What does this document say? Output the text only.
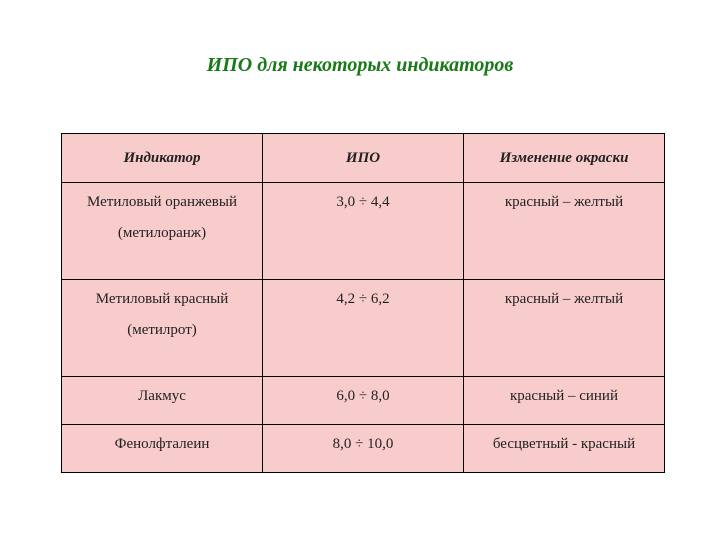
ИПО для некоторых индикаторов
Индикатор	ИПО	Изменение окраски

Метиловый оранжевый
(метилоранж)	3,0 ÷ 4,4	красный – желтый

Метиловый красный
(метилрот)	4,2 ÷ 6,2	красный – желтый
Лакмус	6,0 ÷ 8,0	красный – синий
Фенолфталеин	8,0 ÷ 10,0	бесцветный - красный
